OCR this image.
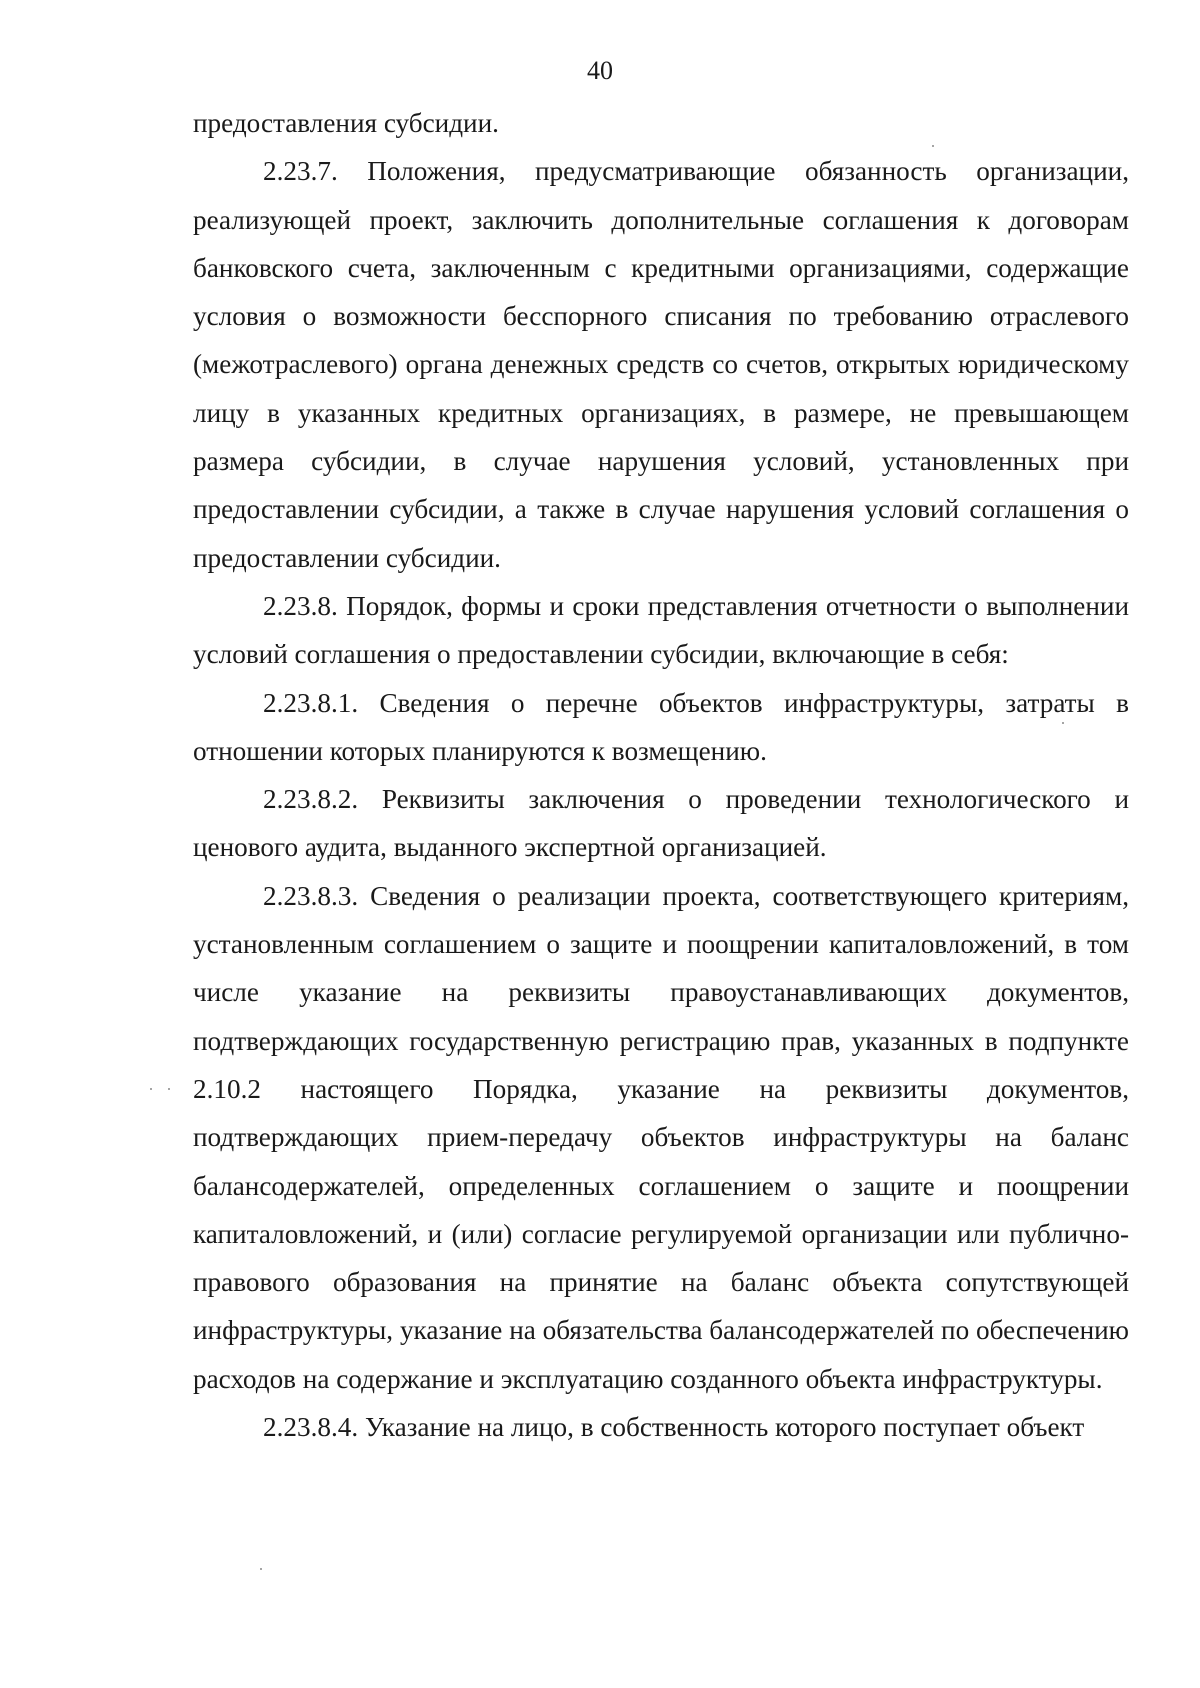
40

предоставления субсидии.

2.23.7. Положения, предусматривающие обязанность организации, реализующей проект, заключить дополнительные соглашения к договорам банковского счета, заключенным с кредитными организациями, содержащие условия о возможности бесспорного списания по требованию отраслевого (межотраслевого) органа денежных средств со счетов, открытых юридическому лицу в указанных кредитных организациях, в размере, не превышающем размера субсидии, в случае нарушения условий, установленных при предоставлении субсидии, а также в случае нарушения условий соглашения о предоставлении субсидии.

2.23.8. Порядок, формы и сроки представления отчетности о выполнении условий соглашения о предоставлении субсидии, включающие в себя:

2.23.8.1. Сведения о перечне объектов инфраструктуры, затраты в отношении которых планируются к возмещению.

2.23.8.2. Реквизиты заключения о проведении технологического и ценового аудита, выданного экспертной организацией.

2.23.8.3. Сведения о реализации проекта, соответствующего критериям, установленным соглашением о защите и поощрении капиталовложений, в том числе указание на реквизиты правоустанавливающих документов, подтверждающих государственную регистрацию прав, указанных в подпункте 2.10.2 настоящего Порядка, указание на реквизиты документов, подтверждающих прием-передачу объектов инфраструктуры на баланс балансодержателей, определенных соглашением о защите и поощрении капиталовложений, и (или) согласие регулируемой организации или публично-правового образования на принятие на баланс объекта сопутствующей инфраструктуры, указание на обязательства балансодержателей по обеспечению расходов на содержание и эксплуатацию созданного объекта инфраструктуры.

2.23.8.4. Указание на лицо, в собственность которого поступает объект
